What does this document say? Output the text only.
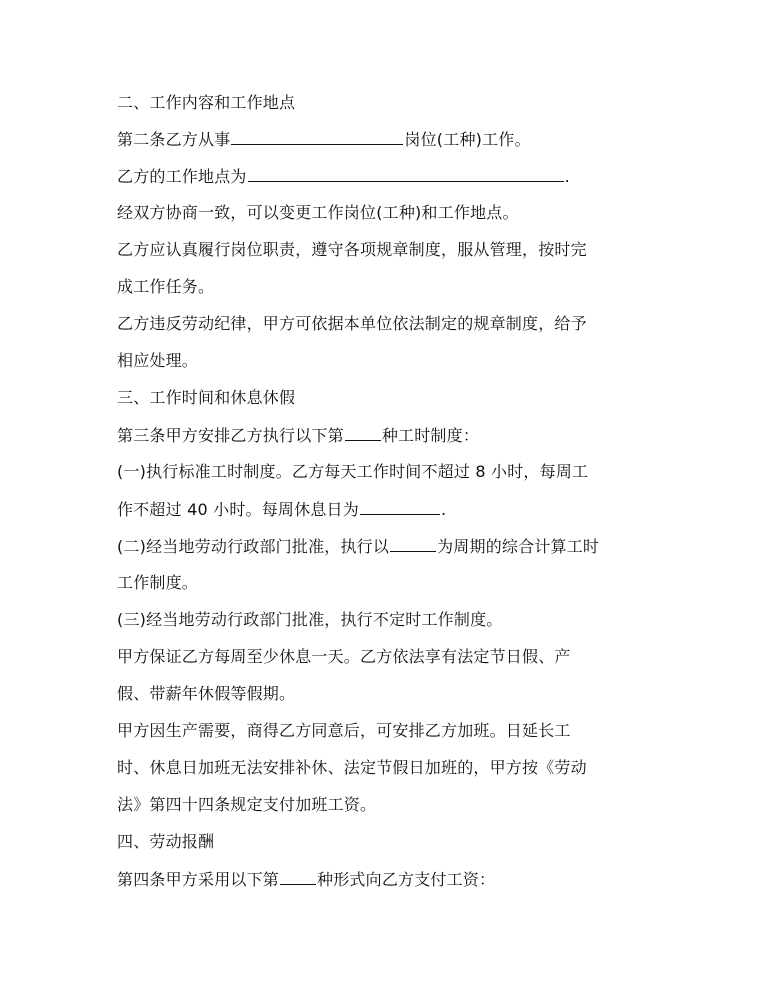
二、工作内容和工作地点
第二条乙方从事	岗位(工种)工作。
乙方的工作地点为	.
经双方协商一致，可以变更工作岗位(工种)和工作地点。
乙方应认真履行岗位职责，遵守各项规章制度，服从管理，按时完
成工作任务。
乙方违反劳动纪律，甲方可依据本单位依法制定的规章制度，给予
相应处理。
三、工作时间和休息休假
第三条甲方安排乙方执行以下第 种工时制度：
(一)执行标准工时制度。乙方每天工作时间不超过 8 小时，每周工
作不超过 40 小时。每周休息日为	.
(二)经当地劳动行政部门批准，执行以	为周期的综合计算工时
工作制度。
(三)经当地劳动行政部门批准，执行不定时工作制度。
甲方保证乙方每周至少休息一天。乙方依法享有法定节日假、产
假、带薪年休假等假期。
甲方因生产需要，商得乙方同意后，可安排乙方加班。日延长工
时、休息日加班无法安排补休、法定节假日加班的，甲方按《劳动
法》第四十四条规定支付加班工资。
四、劳动报酬
第四条甲方采用以下第 种形式向乙方支付工资：
